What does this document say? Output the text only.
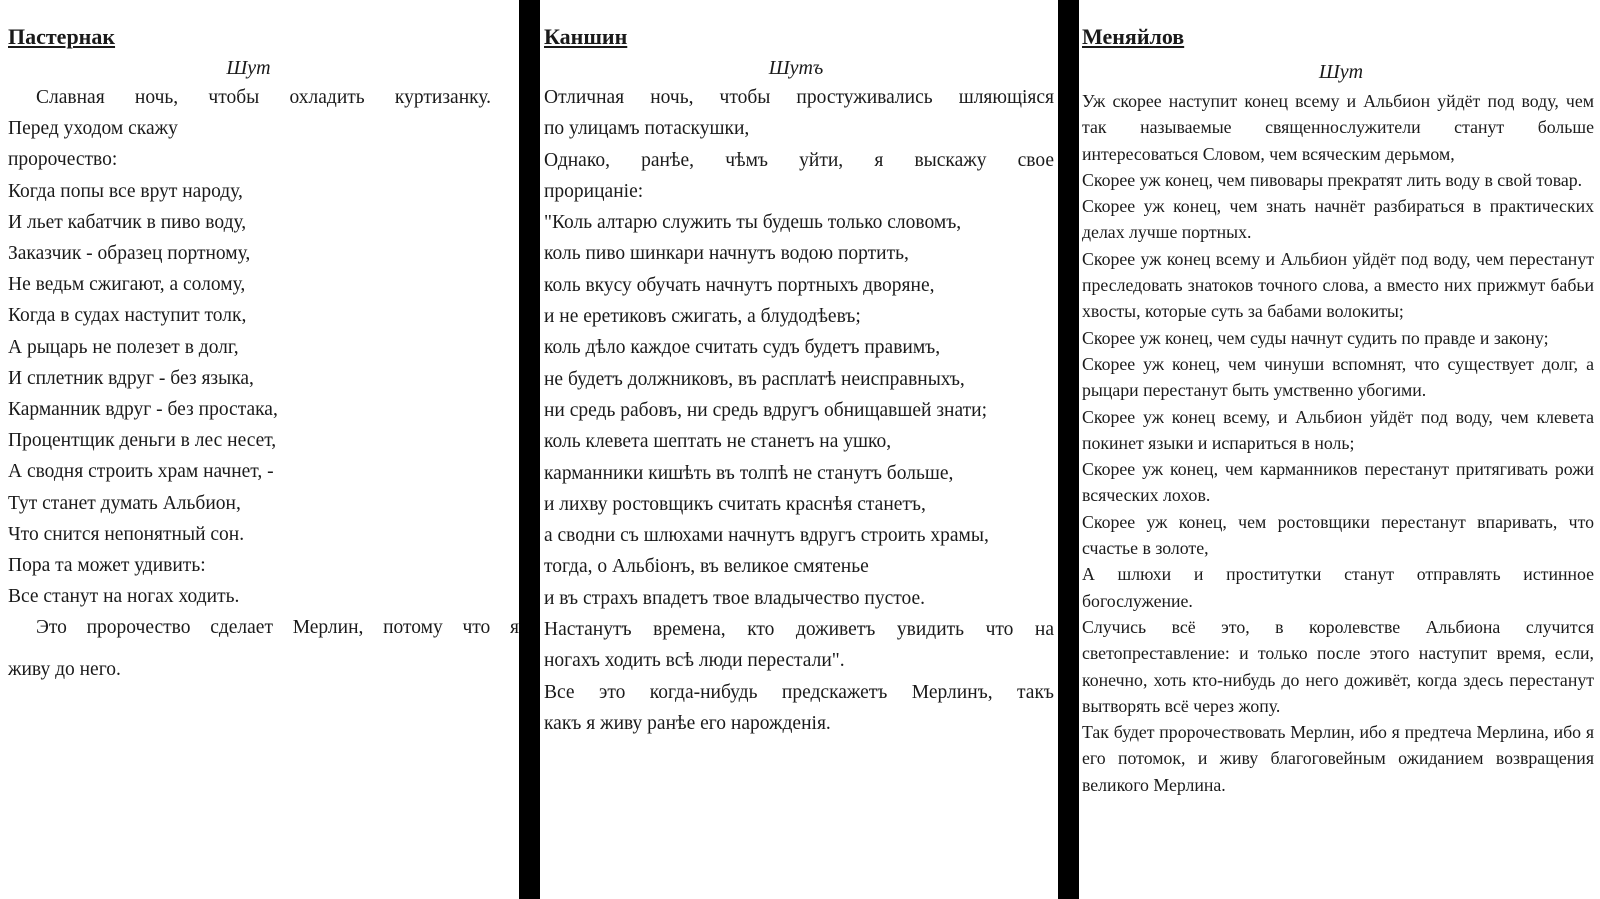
Пастернак

Шут

Славная ночь, чтобы охладить куртизанку.
Перед уходом скажу
пророчество:
Когда попы все врут народу,
И льет кабатчик в пиво воду,
Заказчик - образец портному,
Не ведьм сжигают, а солому,
Когда в судах наступит толк,
А рыцарь не полезет в долг,
И сплетник вдруг - без языка,
Карманник вдруг - без простака,
Процентщик деньги в лес несет,
А сводня строить храм начнет, -
Тут станет думать Альбион,
Что снится непонятный сон.
Пора та может удивить:
Все станут на ногах ходить.
Это пророчество сделает Мерлин, потому что я
живу до него.

Каншин

Шутъ

Отличная ночь, чтобы простуживались шляющіяся
по улицамъ потаскушки,
Однако, ранѣе, чѣмъ уйти, я выскажу свое
прорицаніе:
"Коль алтарю служить ты будешь только словомъ,
коль пиво шинкари начнутъ водою портить,
коль вкусу обучать начнутъ портныхъ дворяне,
и не еретиковъ сжигать, а блудодѣевъ;
коль дѣло каждое считать судъ будетъ правимъ,
не будетъ должниковъ, въ расплатѣ неисправныхъ,
ни средь рабовъ, ни средь вдругъ обнищавшей знати;
коль клевета шептать не станетъ на ушко,
карманники кишѣть въ толпѣ не станутъ больше,
и лихву ростовщикъ считать краснѣя станетъ,
а сводни съ шлюхами начнутъ вдругъ строить храмы,
тогда, о Альбіонъ, въ великое смятенье
и въ страхъ впадетъ твое владычество пустое.
Настанутъ времена, кто доживетъ увидить что на
ногахъ ходить всѣ люди перестали".
Все это когда-нибудь предскажетъ Мерлинъ, такъ
какъ я живу ранѣе его нарожденія.

Меняйлов

Шут

Уж скорее наступит конец всему и Альбион уйдёт под воду, чем так называемые священнослужители станут больше интересоваться Словом, чем всяческим дерьмом,

Скорее уж конец, чем пивовары прекратят лить воду в свой товар.

Скорее уж конец, чем знать начнёт разбираться в практических делах лучше портных.

Скорее уж конец всему и Альбион уйдёт под воду, чем перестанут преследовать знатоков точного слова, а вместо них прижмут бабьи хвосты, которые суть за бабами волокиты;

Скорее уж конец, чем суды начнут судить по правде и закону;

Скорее уж конец, чем чинуши вспомнят, что существует долг, а рыцари перестанут быть умственно убогими.

Скорее уж конец всему, и Альбион уйдёт под воду, чем клевета покинет языки и испариться в ноль;

Скорее уж конец, чем карманников перестанут притягивать рожи всяческих лохов.

Скорее уж конец, чем ростовщики перестанут впаривать, что счастье в золоте,

А шлюхи и проститутки станут отправлять истинное богослужение.

Случись всё это, в королевстве Альбиона случится светопреставление: и только после этого наступит время, если, конечно, хоть кто-нибудь до него доживёт, когда здесь перестанут вытворять всё через жопу.

Так будет пророчествовать Мерлин, ибо я предтеча Мерлина, ибо я его потомок, и живу благоговейным ожиданием возвращения великого Мерлина.
